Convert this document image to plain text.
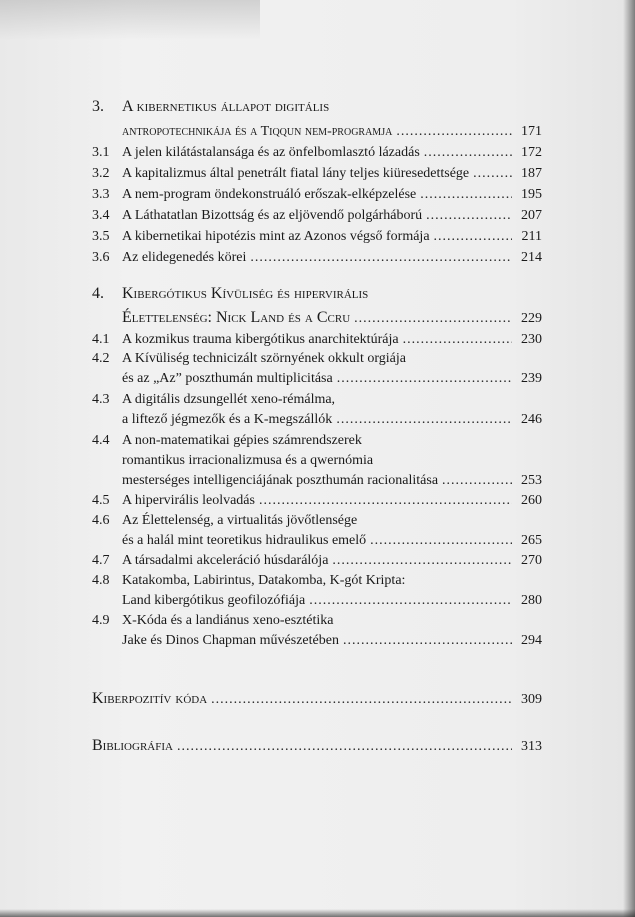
3.	A kibernetikus állapot digitális
antropotechnikája és a Tiqqun nem-programja .....	171
3.1 A jelen kilátástalansága és az önfelbomlasztó lázadás .....	172
3.2 A kapitalizmus által penetrált fiatal lány teljes kiüresedettsége .....	187
3.3 A nem-program öndekonstruáló erőszak-elképzelése .....	195
3.4 A Láthatatlan Bizottság és az eljövendő polgárháború .....	207
3.5 A kibernetikai hipotézis mint az Azonos végső formája .....	211
3.6 Az elidegenedés körei .....	214
4.	Kibergótikus Kívüliség és hipervirális
Élettelenség: Nick Land és a Ccru .....	229
4.1 A kozmikus trauma kibergótikus anarchitektúrája .....	230
4.2 A Kívüliség technicizált szörnyének okkult orgiája
és az „Az” poszthumán multiplicitása .....	239
4.3 A digitális dzsungellét xeno-rémálma,
a liftező jégmezők és a K-megszállók .....	246
4.4 A non-matematikai gépies számrendszerek
romantikus irracionalizmusa és a qwernómia
mesterséges intelligenciájának poszthumán racionalitása .....	253
4.5 A hipervirális leolvadás .....	260
4.6 Az Élettelenség, a virtualitás jövőtlensége
és a halál mint teoretikus hidraulikus emelő .....	265
4.7 A társadalmi akceleráció húsdarálója .....	270
4.8 Katakomba, Labirintus, Datakomba, K-gót Kripta:
Land kibergótikus geofilozófiája .....	280
4.9 X-Kóda és a landiánus xeno-esztétika
Jake és Dinos Chapman művészetében .....	294
Kiberpozitív kóda .....	309
Bibliográfia .....	313
